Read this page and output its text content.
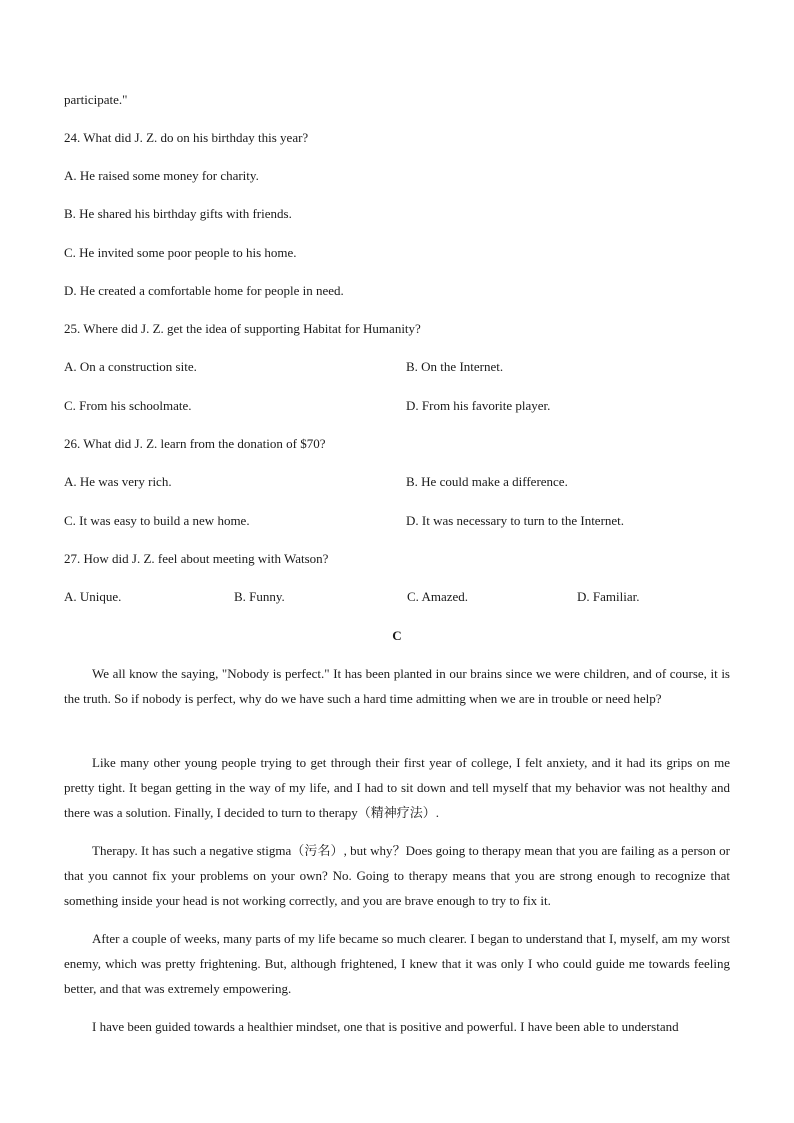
participate."
24. What did J. Z. do on his birthday this year?
A. He raised some money for charity.
B. He shared his birthday gifts with friends.
C. He invited some poor people to his home.
D. He created a comfortable home for people in need.
25. Where did J. Z. get the idea of supporting Habitat for Humanity?
A. On a construction site.	B. On the Internet.
C. From his schoolmate.	D. From his favorite player.
26. What did J. Z. learn from the donation of $70?
A. He was very rich.	B. He could make a difference.
C. It was easy to build a new home.	D. It was necessary to turn to the Internet.
27. How did J. Z. feel about meeting with Watson?
A. Unique.	B. Funny.	C. Amazed.	D. Familiar.
C
We all know the saying, "Nobody is perfect." It has been planted in our brains since we were children, and of course, it is the truth. So if nobody is perfect, why do we have such a hard time admitting when we are in trouble or need help?
Like many other young people trying to get through their first year of college, I felt anxiety, and it had its grips on me pretty tight. It began getting in the way of my life, and I had to sit down and tell myself that my behavior was not healthy and there was a solution. Finally, I decided to turn to therapy（精神疗法）.
Therapy. It has such a negative stigma（污名）, but why？Does going to therapy mean that you are failing as a person or that you cannot fix your problems on your own? No. Going to therapy means that you are strong enough to recognize that something inside your head is not working correctly, and you are brave enough to try to fix it.
After a couple of weeks, many parts of my life became so much clearer. I began to understand that I, myself, am my worst enemy, which was pretty frightening. But, although frightened, I knew that it was only I who could guide me towards feeling better, and that was extremely empowering.
I have been guided towards a healthier mindset, one that is positive and powerful. I have been able to understand
